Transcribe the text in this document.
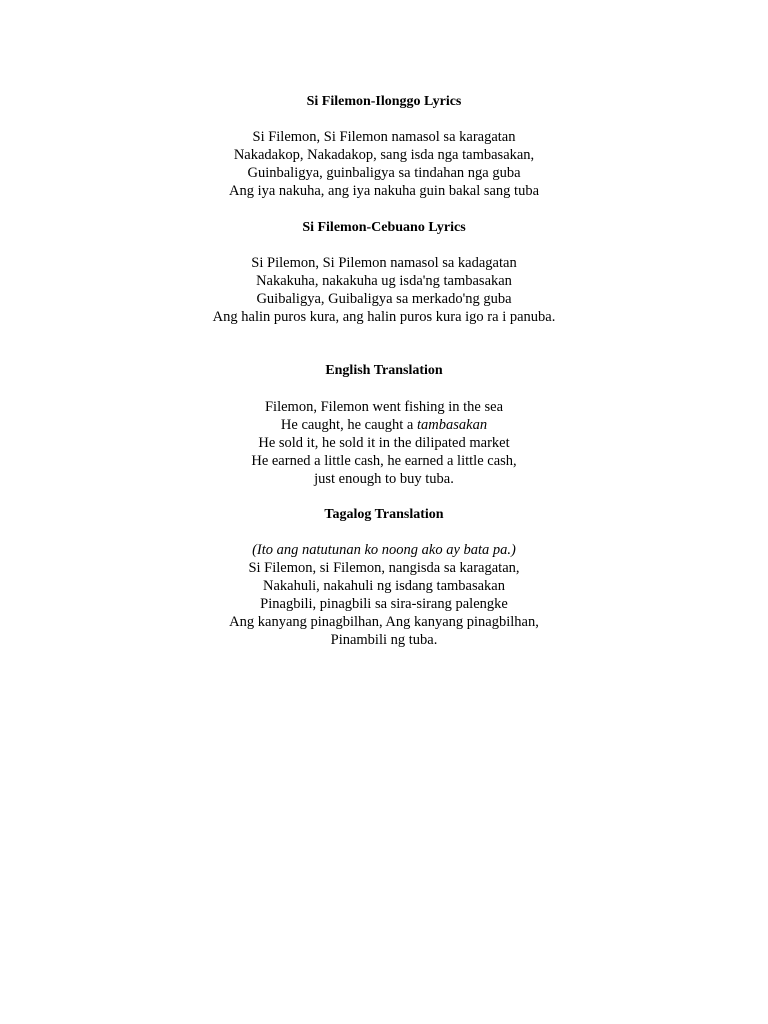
Si Filemon-Ilonggo Lyrics
Si Filemon, Si Filemon namasol sa karagatan
Nakadakop, Nakadakop, sang isda nga tambasakan,
Guinbaligya, guinbaligya sa tindahan nga guba
Ang iya nakuha, ang iya nakuha guin bakal sang tuba
Si Filemon-Cebuano Lyrics
Si Pilemon, Si Pilemon namasol sa kadagatan
Nakakuha, nakakuha ug isda'ng tambasakan
Guibaligya, Guibaligya sa merkado'ng guba
Ang halin puros kura, ang halin puros kura igo ra i panuba.
English Translation
Filemon, Filemon went fishing in the sea
He caught, he caught a tambasakan
He sold it, he sold it in the dilipated market
He earned a little cash, he earned a little cash,
just enough to buy tuba.
Tagalog Translation
(Ito ang natutunan ko noong ako ay bata pa.)
Si Filemon, si Filemon, nangisda sa karagatan,
Nakahuli, nakahuli ng isdang tambasakan
Pinagbili, pinagbili sa sira-sirang palengke
Ang kanyang pinagbilhan, Ang kanyang pinagbilhan,
Pinambili ng tuba.
